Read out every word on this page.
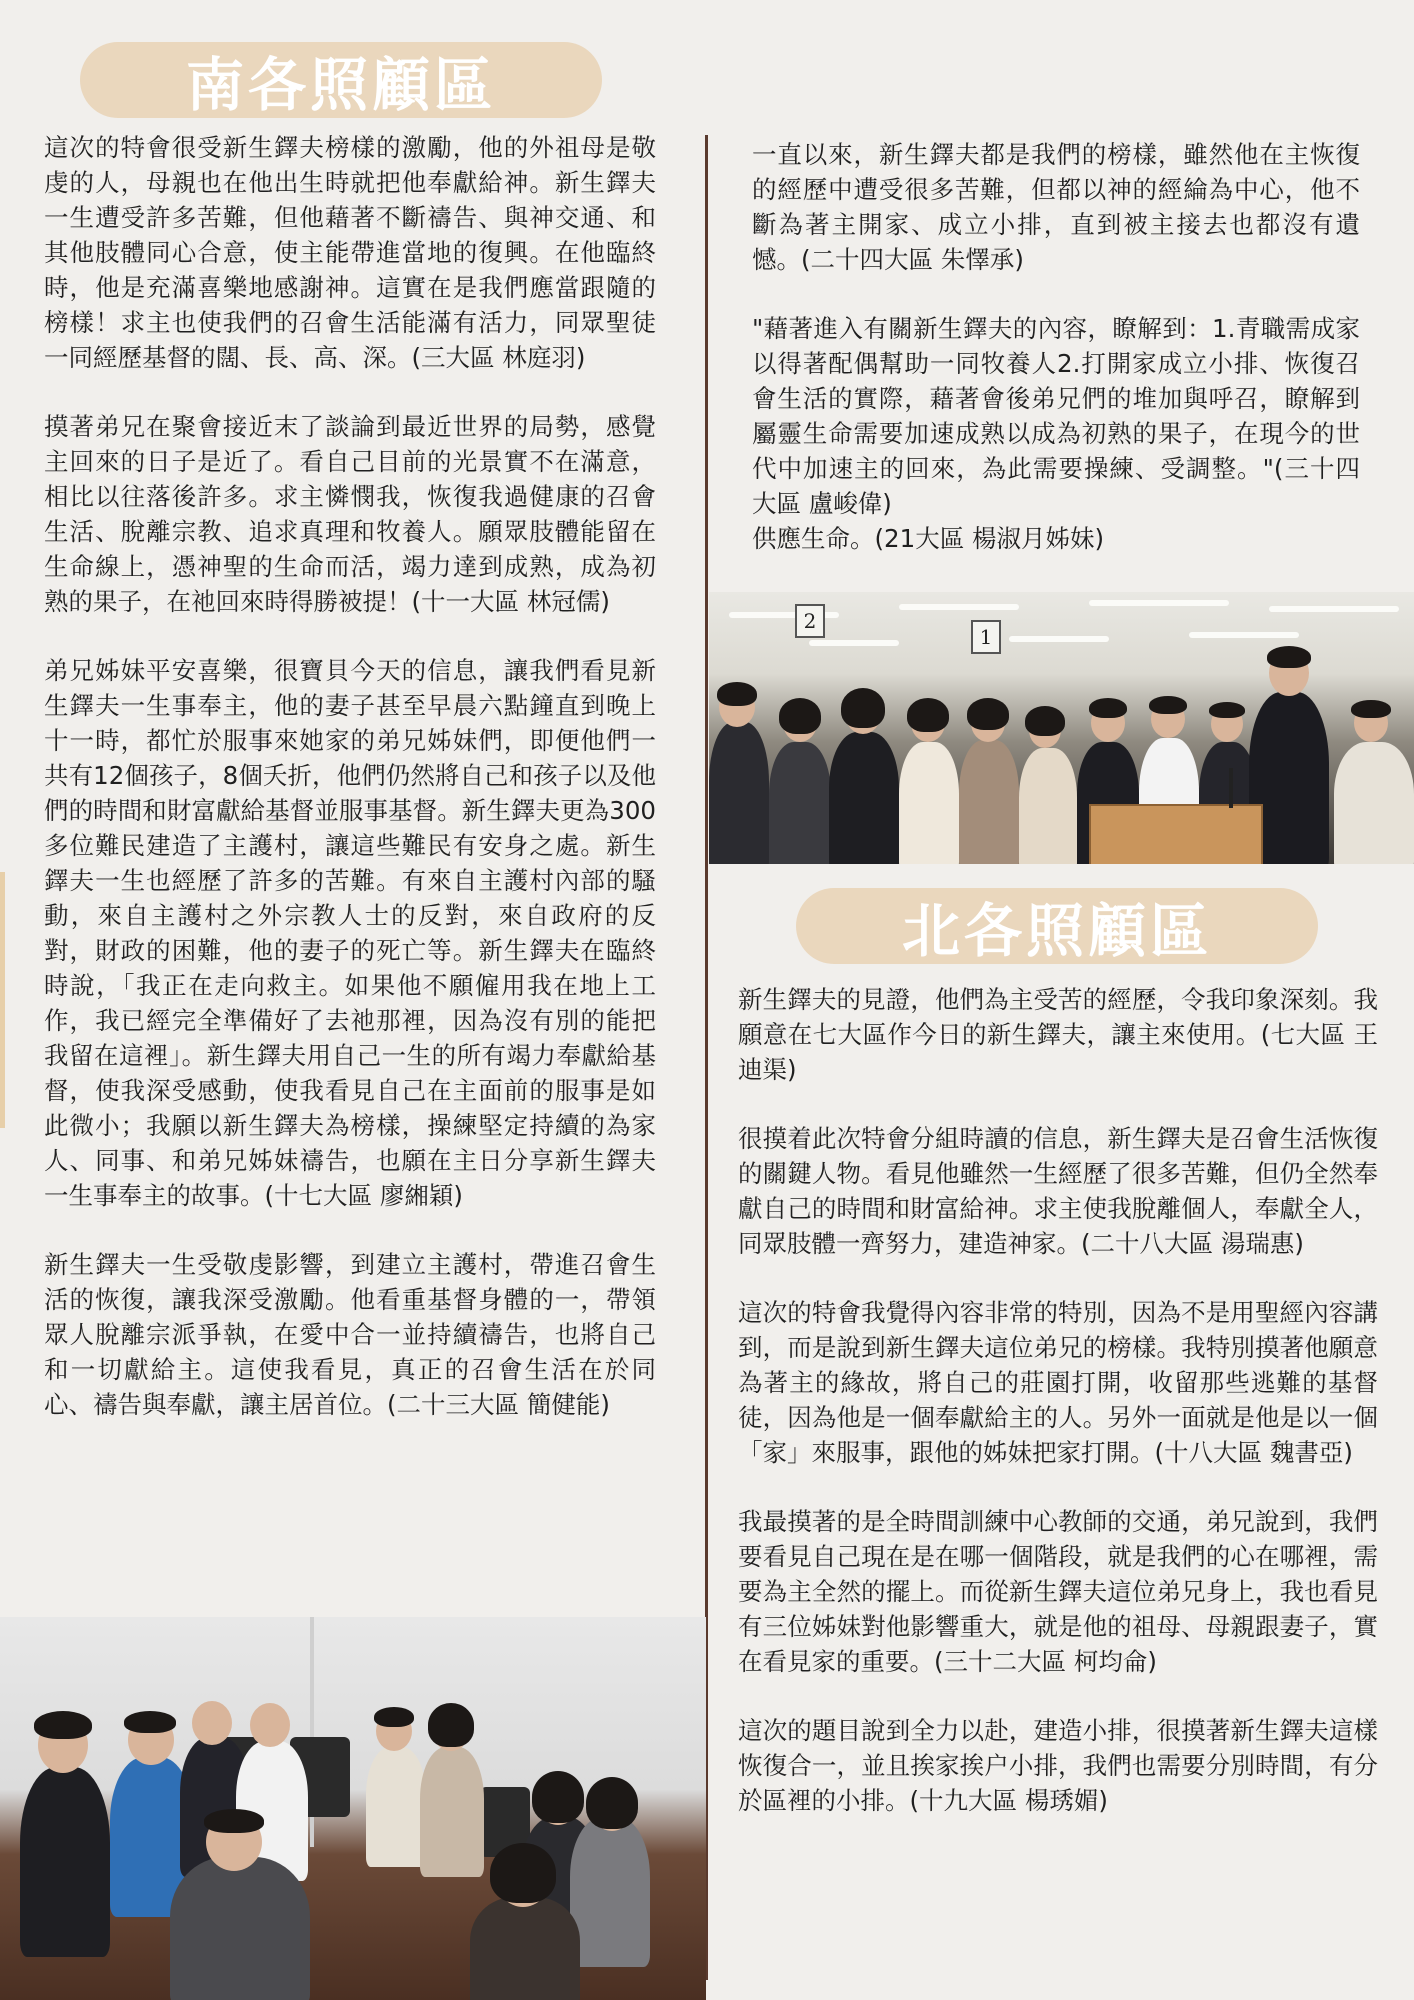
南各照顧區

這次的特會很受新生鐸夫榜樣的激勵，他的外祖母是敬虔的人，母親也在他出生時就把他奉獻給神。新生鐸夫一生遭受許多苦難，但他藉著不斷禱告、與神交通、和其他肢體同心合意，使主能帶進當地的復興。在他臨終時，他是充滿喜樂地感謝神。這實在是我們應當跟隨的榜樣！求主也使我們的召會生活能滿有活力，同眾聖徒一同經歷基督的闊、長、高、深。(三大區 林庭羽)

摸著弟兄在聚會接近末了談論到最近世界的局勢，感覺主回來的日子是近了。看自己目前的光景實不在滿意，相比以往落後許多。求主憐憫我，恢復我過健康的召會生活、脫離宗教、追求真理和牧養人。願眾肢體能留在生命線上，憑神聖的生命而活，竭力達到成熟，成為初熟的果子，在祂回來時得勝被提！(十一大區 林冠儒)

弟兄姊妹平安喜樂，很寶貝今天的信息，讓我們看見新生鐸夫一生事奉主，他的妻子甚至早晨六點鐘直到晚上十一時，都忙於服事來她家的弟兄姊妹們，即便他們一共有12個孩子，8個夭折，他們仍然將自己和孩子以及他們的時間和財富獻給基督並服事基督。新生鐸夫更為300多位難民建造了主護村，讓這些難民有安身之處。新生鐸夫一生也經歷了許多的苦難。有來自主護村內部的騷動，來自主護村之外宗教人士的反對，來自政府的反對，財政的困難，他的妻子的死亡等。新生鐸夫在臨終時說，「我正在走向救主。如果他不願僱用我在地上工作，我已經完全準備好了去祂那裡，因為沒有別的能把我留在這裡」。新生鐸夫用自己一生的所有竭力奉獻給基督，使我深受感動，使我看見自己在主面前的服事是如此微小；我願以新生鐸夫為榜樣，操練堅定持續的為家人、同事、和弟兄姊妹禱告，也願在主日分享新生鐸夫一生事奉主的故事。(十七大區 廖緗穎)

新生鐸夫一生受敬虔影響，到建立主護村，帶進召會生活的恢復，讓我深受激勵。他看重基督身體的一，帶領眾人脫離宗派爭執，在愛中合一並持續禱告，也將自己和一切獻給主。這使我看見，真正的召會生活在於同心、禱告與奉獻，讓主居首位。(二十三大區 簡健能)

一直以來，新生鐸夫都是我們的榜樣，雖然他在主恢復的經歷中遭受很多苦難，但都以神的經綸為中心，他不斷為著主開家、成立小排，直到被主接去也都沒有遺憾。(二十四大區 朱懌承)

"藉著進入有關新生鐸夫的內容，瞭解到：1.青職需成家以得著配偶幫助一同牧養人2.打開家成立小排、恢復召會生活的實際，藉著會後弟兄們的堆加與呼召，瞭解到屬靈生命需要加速成熟以成為初熟的果子，在現今的世代中加速主的回來，為此需要操練、受調整。"(三十四大區 盧峻偉)
供應生命。(21大區 楊淑月姊妹)

2
1
北各照顧區

新生鐸夫的見證，他們為主受苦的經歷，令我印象深刻。我願意在七大區作今日的新生鐸夫，讓主來使用。(七大區 王迪渠)

很摸着此次特會分組時讀的信息，新生鐸夫是召會生活恢復的關鍵人物。看見他雖然一生經歷了很多苦難，但仍全然奉獻自己的時間和財富給神。求主使我脫離個人，奉獻全人，同眾肢體一齊努力，建造神家。(二十八大區 湯瑞惠)

這次的特會我覺得內容非常的特別，因為不是用聖經內容講到，而是說到新生鐸夫這位弟兄的榜樣。我特別摸著他願意為著主的緣故，將自己的莊園打開，收留那些逃難的基督徒，因為他是一個奉獻給主的人。另外一面就是他是以一個「家」來服事，跟他的姊妹把家打開。(十八大區 魏書亞)

我最摸著的是全時間訓練中心教師的交通，弟兄說到，我們要看見自己現在是在哪一個階段，就是我們的心在哪裡，需要為主全然的擺上。而從新生鐸夫這位弟兄身上，我也看見有三位姊妹對他影響重大，就是他的祖母、母親跟妻子，實在看見家的重要。(三十二大區 柯均侖)

這次的題目說到全力以赴，建造小排，很摸著新生鐸夫這樣恢復合一，並且挨家挨户小排，我們也需要分別時間，有分於區裡的小排。(十九大區 楊琇媚)
